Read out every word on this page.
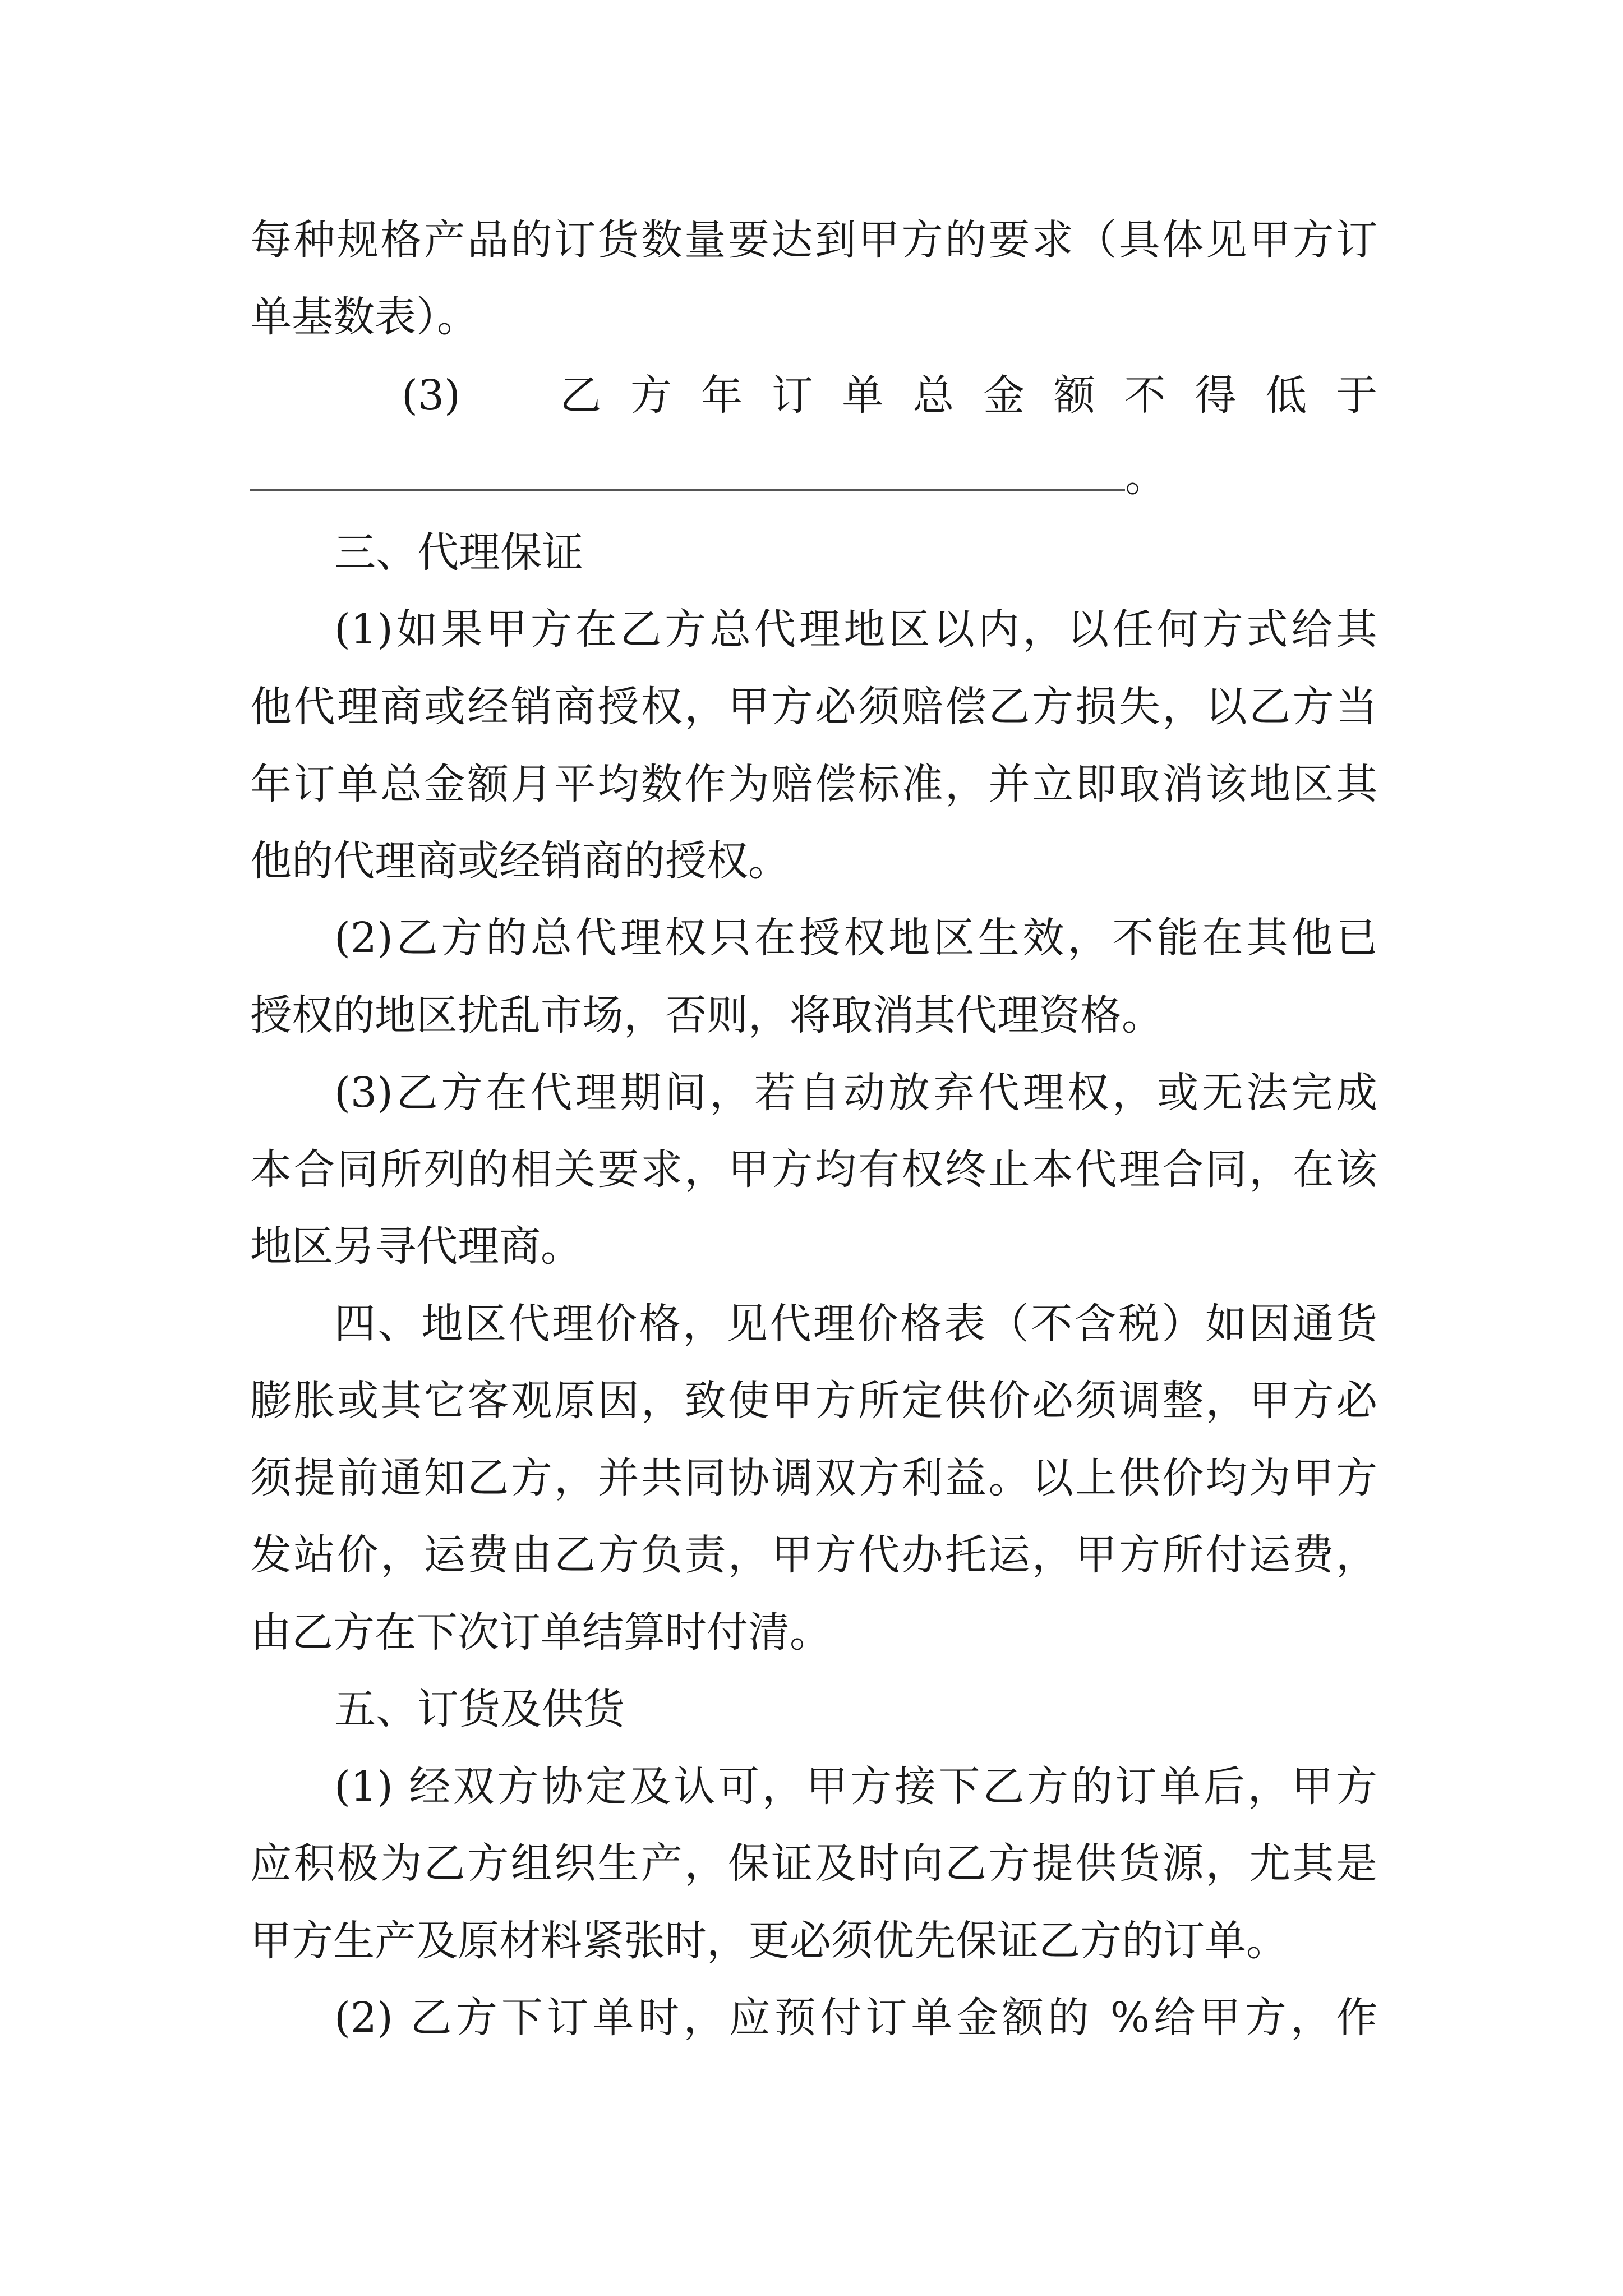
每种规格产品的订货数量要达到甲方的要求（具体见甲方订
单基数表）。
(3)　乙方年订单总金额不得低于
。
三、代理保证
(1)如果甲方在乙方总代理地区以内，以任何方式给其
他代理商或经销商授权，甲方必须赔偿乙方损失，以乙方当
年订单总金额月平均数作为赔偿标准，并立即取消该地区其
他的代理商或经销商的授权。
(2)乙方的总代理权只在授权地区生效，不能在其他已
授权的地区扰乱市场，否则，将取消其代理资格。
(3)乙方在代理期间，若自动放弃代理权，或无法完成
本合同所列的相关要求，甲方均有权终止本代理合同，在该
地区另寻代理商。
四、地区代理价格，见代理价格表（不含税）如因通货
膨胀或其它客观原因，致使甲方所定供价必须调整，甲方必
须提前通知乙方，并共同协调双方利益。以上供价均为甲方
发站价，运费由乙方负责，甲方代办托运，甲方所付运费，
由乙方在下次订单结算时付清。
五、订货及供货
(1) 经双方协定及认可，甲方接下乙方的订单后，甲方
应积极为乙方组织生产，保证及时向乙方提供货源，尤其是
甲方生产及原材料紧张时，更必须优先保证乙方的订单。
(2) 乙方下订单时，应预付订单金额的 %给甲方，作
